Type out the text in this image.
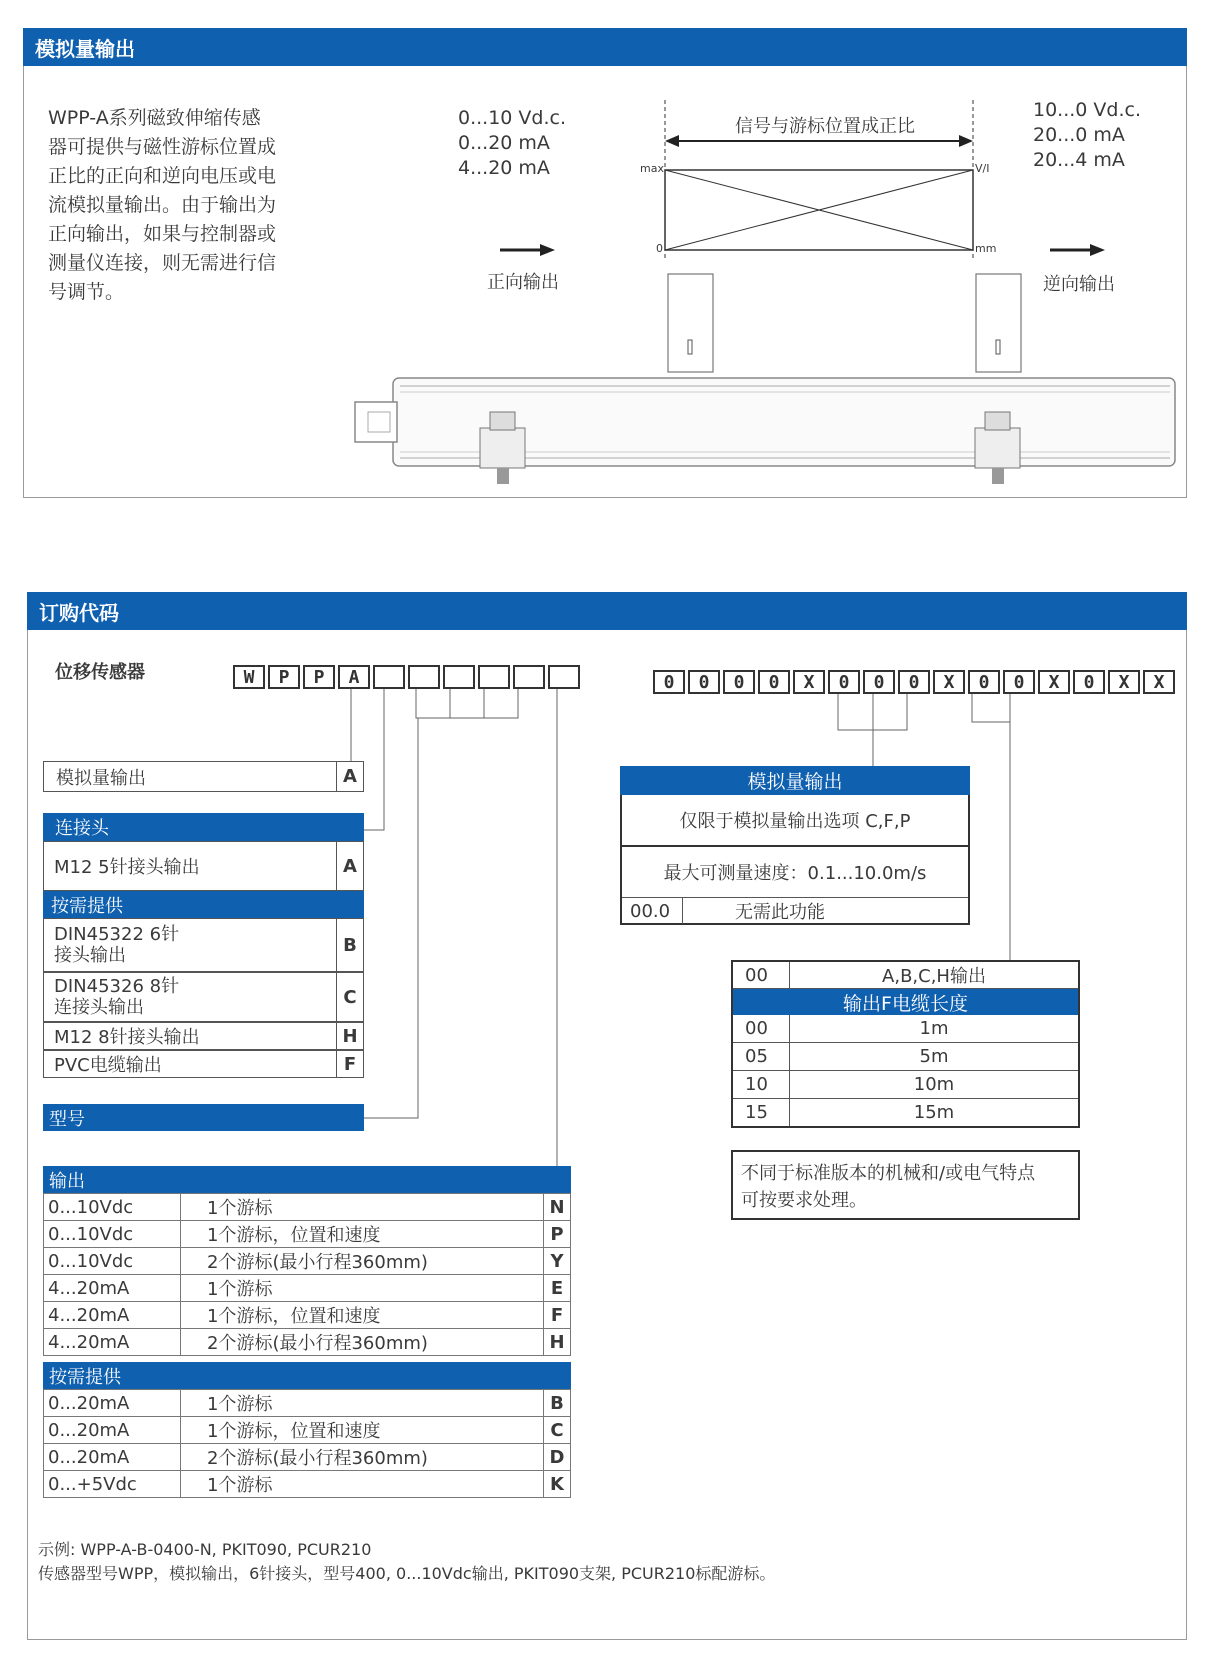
模拟量输出
WPP-A系列磁致伸缩传感
器可提供与磁性游标位置成
正比的正向和逆向电压或电
流模拟量输出。由于输出为
正向输出，如果与控制器或
测量仪连接，则无需进行信
号调节。
0...10 Vd.c.
0...20 mA
4...20 mA
10...0 Vd.c.
20...0 mA
20...4 mA
信号与游标位置成正比
max
0
V/I
mm
正向输出	逆向输出
订购代码
位移传感器	W	P	P	A	0	0	0	0	X	0	0	0	X	0	0	X	0	X	X
模拟量输出	A
连接头
M12 5针接头输出	A
按需提供
DIN45322 6针
接头输出	B
DIN45326 8针
连接头输出	C
M12 8针接头输出	H
PVC电缆输出	F
型号
输出
0...10Vdc	1个游标	N
0...10Vdc	1个游标，位置和速度	P
0...10Vdc	2个游标(最小行程360mm)	Y
4...20mA	1个游标	E
4...20mA	1个游标，位置和速度	F
4...20mA	2个游标(最小行程360mm)	H
按需提供
0...20mA	1个游标	B
0...20mA	1个游标，位置和速度	C
0...20mA	2个游标(最小行程360mm)	D
0...+5Vdc	1个游标	K
模拟量输出
仅限于模拟量输出选项 C,F,P
最大可测量速度：0.1...10.0m/s
00.0	无需此功能
00	A,B,C,H输出
输出F电缆长度
00	1m
05	5m
10	10m
15	15m
不同于标准版本的机械和/或电气特点
可按要求处理。
示例: WPP-A-B-0400-N, PKIT090, PCUR210
传感器型号WPP，模拟输出，6针接头，型号400, 0...10Vdc输出, PKIT090支架, PCUR210标配游标。
